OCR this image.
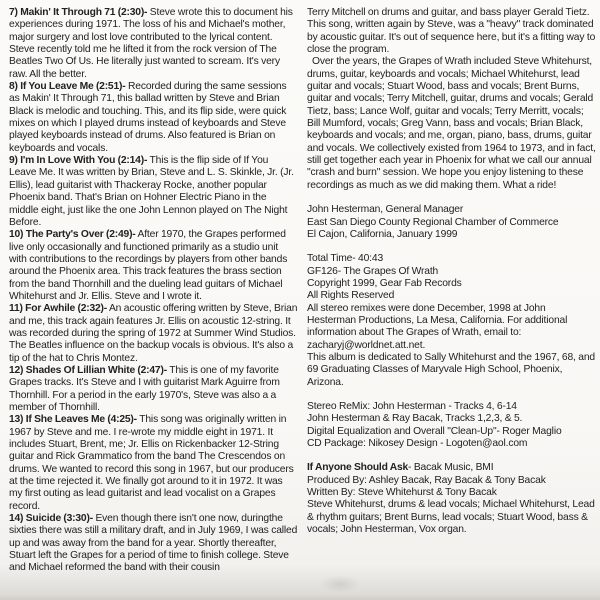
7) Makin' It Through 71 (2:30)- Steve wrote this to document his experiences during 1971. The loss of his and Michael's mother, major surgery and lost love contributed to the lyrical content. Steve recently told me he lifted it from the rock version of The Beatles Two Of Us. He literally just wanted to scream. It's very raw. All the better.

8) If You Leave Me (2:51)- Recorded during the same sessions as Makin' It Through 71, this ballad written by Steve and Brian Black is melodic and touching. This, and its flip side, were quick mixes on which I played drums instead of keyboards and Steve played keyboards instead of drums. Also featured is Brian on keyboards and vocals.

9) I'm In Love With You (2:14)- This is the flip side of If You Leave Me. It was written by Brian, Steve and L. S. Skinkle, Jr. (Jr. Ellis), lead guitarist with Thackeray Rocke, another popular Phoenix band. That's Brian on Hohner Electric Piano in the middle eight, just like the one John Lennon played on The Night Before.

10) The Party's Over (2:49)- After 1970, the Grapes performed live only occasionally and functioned primarily as a studio unit with contributions to the recordings by players from other bands around the Phoenix area. This track features the brass section from the band Thornhill and the dueling lead guitars of Michael Whitehurst and Jr. Ellis. Steve and I wrote it.

11) For Awhile (2:32)- An acoustic offering written by Steve, Brian and me, this track again features Jr. Ellis on acoustic 12-string. It was recorded during the spring of 1972 at Summer Wind Studios. The Beatles influence on the backup vocals is obvious. It's also a tip of the hat to Chris Montez.

12) Shades Of Lillian White (2:47)- This is one of my favorite Grapes tracks. It's Steve and I with guitarist Mark Aguirre from Thornhill. For a period in the early 1970's, Steve was also a a member of Thornhill.

13) If She Leaves Me (4:25)- This song was originally written in 1967 by Steve and me. I re-wrote my middle eight in 1971. It includes Stuart, Brent, me; Jr. Ellis on Rickenbacker 12-String guitar and Rick Grammatico from the band The Crescendos on drums. We wanted to record this song in 1967, but our producers at the time rejected it. We finally got around to it in 1972. It was my first outing as lead guitarist and lead vocalist on a Grapes record.

14) Suicide (3:30)- Even though there isn't one now, duringthe sixties there was still a military draft, and in July 1969, I was called up and was away from the band for a year. Shortly thereafter, Stuart left the Grapes for a period of time to finish college. Steve and Michael reformed the band with their cousin

Terry Mitchell on drums and guitar, and bass player Gerald Tietz. This song, written again by Steve, was a "heavy" track dominated by acoustic guitar. It's out of sequence here, but it's a fitting way to close the program.

Over the years, the Grapes of Wrath included Steve Whitehurst, drums, guitar, keyboards and vocals; Michael Whitehurst, lead guitar and vocals; Stuart Wood, bass and vocals; Brent Burns, guitar and vocals; Terry Mitchell, guitar, drums and vocals; Gerald Tietz, bass; Lance Wolf, guitar and vocals; Terry Merritt, vocals; Bill Mumford, vocals; Greg Vann, bass and vocals; Brian Black, keyboards and vocals; and me, organ, piano, bass, drums, guitar and vocals. We collectively existed from 1964 to 1973, and in fact, still get together each year in Phoenix for what we call our annual "crash and burn" session. We hope you enjoy listening to these recordings as much as we did making them. What a ride!

John Hesterman, General Manager

East San Diego County Regional Chamber of Commerce

El Cajon, California, January 1999

Total Time- 40:43

GF126- The Grapes Of Wrath

Copyright 1999, Gear Fab Records

All Rights Reserved

All stereo remixes were done December, 1998 at John Hesterman Productions, La Mesa, California. For additional information about The Grapes of Wrath, email to: zacharyj@worldnet.att.net.

This album is dedicated to Sally Whitehurst and the 1967, 68, and 69 Graduating Classes of Maryvale High School, Phoenix, Arizona.

Stereo ReMix: John Hesterman - Tracks 4, 6-14

John Hesterman & Ray Bacak, Tracks 1,2,3, & 5.

Digital Equalization and Overall "Clean-Up"- Roger Maglio

CD Package: Nikosey Design - Logoten@aol.com

If Anyone Should Ask- Bacak Music, BMI

Produced By: Ashley Bacak, Ray Bacak & Tony Bacak

Written By: Steve Whitehurst & Tony Bacak

Steve Whitehurst, drums & lead vocals; Michael Whitehurst, Lead & rhythm guitars; Brent Burns, lead vocals; Stuart Wood, bass & vocals; John Hesterman, Vox organ.
